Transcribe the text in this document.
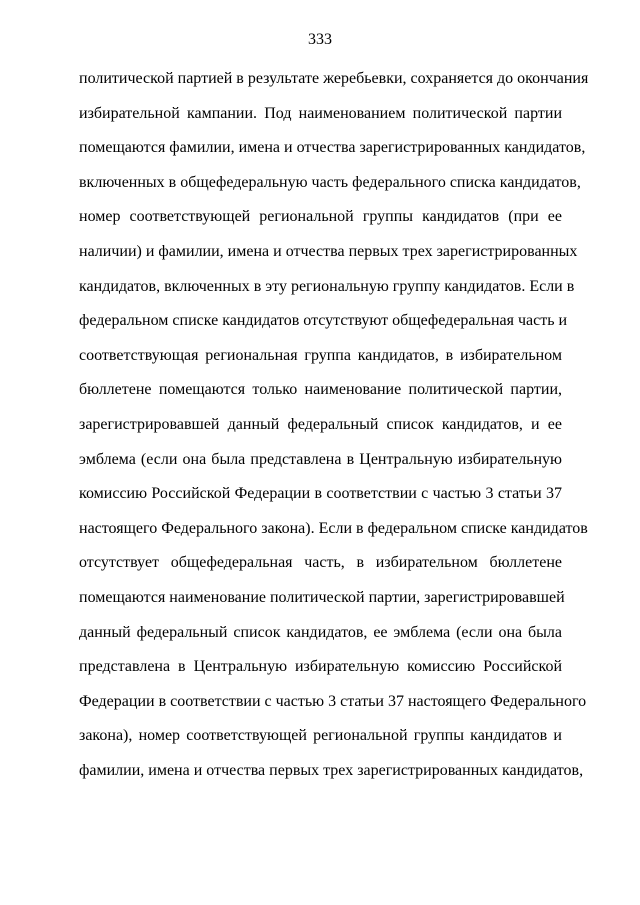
333
политической партией в результате жеребьевки, сохраняется до окончания
избирательной кампании. Под наименованием политической партии
помещаются фамилии, имена и отчества зарегистрированных кандидатов,
включенных в общефедеральную часть федерального списка кандидатов,
номер соответствующей региональной группы кандидатов (при ее
наличии) и фамилии, имена и отчества первых трех зарегистрированных
кандидатов, включенных в эту региональную группу кандидатов. Если в
федеральном списке кандидатов отсутствуют общефедеральная часть и
соответствующая региональная группа кандидатов, в избирательном
бюллетене помещаются только наименование политической партии,
зарегистрировавшей данный федеральный список кандидатов, и ее
эмблема (если она была представлена в Центральную избирательную
комиссию Российской Федерации в соответствии с частью 3 статьи 37
настоящего Федерального закона). Если в федеральном списке кандидатов
отсутствует общефедеральная часть, в избирательном бюллетене
помещаются наименование политической партии, зарегистрировавшей
данный федеральный список кандидатов, ее эмблема (если она была
представлена в Центральную избирательную комиссию Российской
Федерации в соответствии с частью 3 статьи 37 настоящего Федерального
закона), номер соответствующей региональной группы кандидатов и
фамилии, имена и отчества первых трех зарегистрированных кандидатов,
